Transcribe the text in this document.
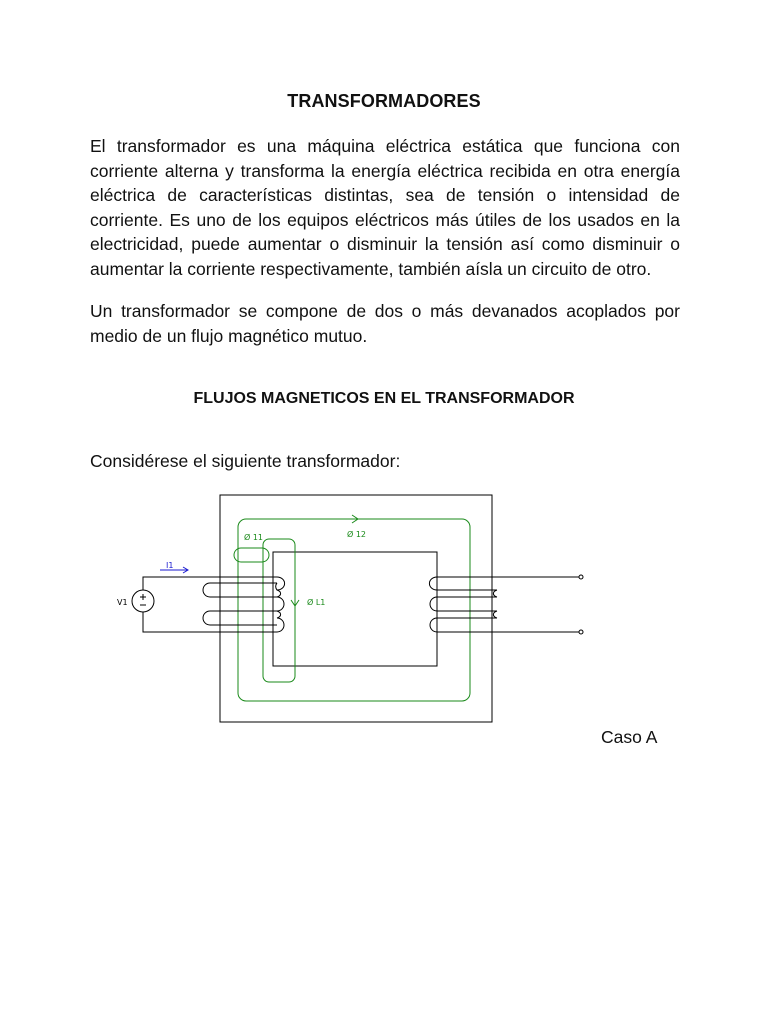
TRANSFORMADORES

El transformador es una máquina eléctrica estática que funciona con corriente alterna y transforma la energía eléctrica recibida en otra energía eléctrica de características distintas, sea de tensión o intensidad de corriente. Es uno de los equipos eléctricos más útiles de los usados en la electricidad, puede aumentar o disminuir la tensión así como disminuir o aumentar la corriente respectivamente, también aísla un circuito de otro.

Un transformador se compone de dos o más devanados acoplados por medio de un flujo magnético mutuo.

FLUJOS MAGNETICOS EN EL TRANSFORMADOR
Considérese el siguiente transformador:
V1
I1
Ø L1
Ø 12
Ø 11
Caso A
